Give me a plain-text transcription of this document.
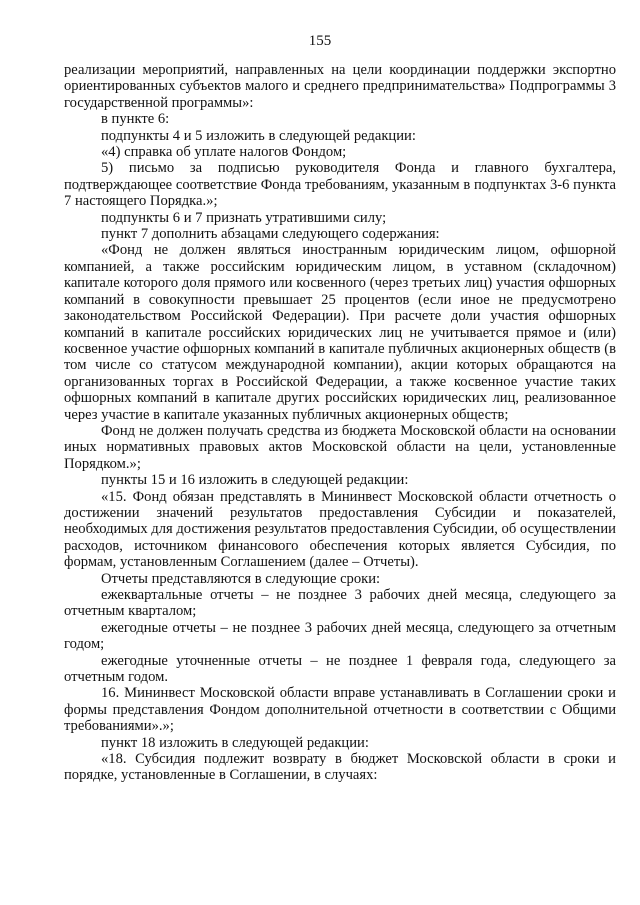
155

реализации мероприятий, направленных на цели координации поддержки экспортно ориентированных субъектов малого и среднего предпринимательства» Подпрограммы 3 государственной программы»:

в пункте 6:

подпункты 4 и 5 изложить в следующей редакции:

«4) справка об уплате налогов Фондом;

5) письмо за подписью руководителя Фонда и главного бухгалтера, подтверждающее соответствие Фонда требованиям, указанным в подпунктах 3-6 пункта 7 настоящего Порядка.»;

подпункты 6 и 7 признать утратившими силу;

пункт 7 дополнить абзацами следующего содержания:

«Фонд не должен являться иностранным юридическим лицом, офшорной компанией, а также российским юридическим лицом, в уставном (складочном) капитале которого доля прямого или косвенного (через третьих лиц) участия офшорных компаний в совокупности превышает 25 процентов (если иное не предусмотрено законодательством Российской Федерации). При расчете доли участия офшорных компаний в капитале российских юридических лиц не учитывается прямое и (или) косвенное участие офшорных компаний в капитале публичных акционерных обществ (в том числе со статусом международной компании), акции которых обращаются на организованных торгах в Российской Федерации, а также косвенное участие таких офшорных компаний в капитале других российских юридических лиц, реализованное через участие в капитале указанных публичных акционерных обществ;

Фонд не должен получать средства из бюджета Московской области на основании иных нормативных правовых актов Московской области на цели, установленные Порядком.»;

пункты 15 и 16 изложить в следующей редакции:

«15. Фонд обязан представлять в Мининвест Московской области отчетность о достижении значений результатов предоставления Субсидии и показателей, необходимых для достижения результатов предоставления Субсидии, об осуществлении расходов, источником финансового обеспечения которых является Субсидия, по формам, установленным Соглашением (далее – Отчеты).

Отчеты представляются в следующие сроки:

ежеквартальные отчеты – не позднее 3 рабочих дней месяца, следующего за отчетным кварталом;

ежегодные отчеты – не позднее 3 рабочих дней месяца, следующего за отчетным годом;

ежегодные уточненные отчеты – не позднее 1 февраля года, следующего за отчетным годом.

16. Мининвест Московской области вправе устанавливать в Соглашении сроки и формы представления Фондом дополнительной отчетности в соответствии с Общими требованиями».»;

пункт 18 изложить в следующей редакции:

«18. Субсидия подлежит возврату в бюджет Московской области в сроки и порядке, установленные в Соглашении, в случаях:
